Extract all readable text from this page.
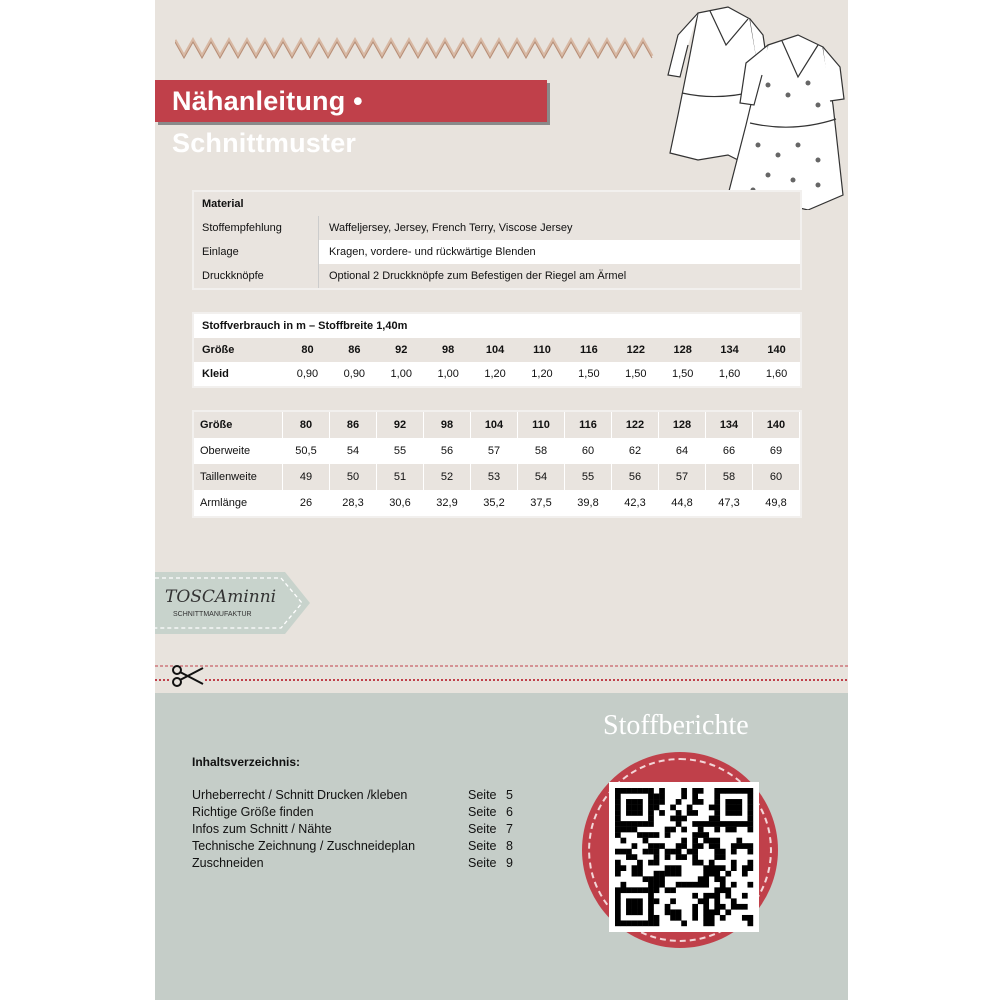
Nähanleitung • Schnittmuster
Material	
Stoffempfehlung	Waffeljersey, Jersey, French Terry, Viscose Jersey
Einlage	Kragen, vordere- und rückwärtige Blenden
Druckknöpfe	Optional 2 Druckknöpfe zum Befestigen der Riegel am Ärmel
Stoffverbrauch in m – Stoffbreite 1,40m											
Größe	80	86	92	98	104	110	116	122	128	134	140
Kleid	0,90	0,90	1,00	1,00	1,20	1,20	1,50	1,50	1,50	1,60	1,60
Größe	80	86	92	98	104	110	116	122	128	134	140
Oberweite	50,5	54	55	56	57	58	60	62	64	66	69
Taillenweite	49	50	51	52	53	54	55	56	57	58	60
Armlänge	26	28,3	30,6	32,9	35,2	37,5	39,8	42,3	44,8	47,3	49,8
TOSCAminni
SCHNITTMANUFAKTUR
Inhaltsverzeichnis:
Urheberrecht / Schnitt Drucken /kleben	Seite 5
Richtige Größe finden	Seite 6
Infos zum Schnitt / Nähte	Seite 7
Technische Zeichnung / Zuschneideplan	Seite 8
Zuschneiden	Seite 9
Stoffberichte
